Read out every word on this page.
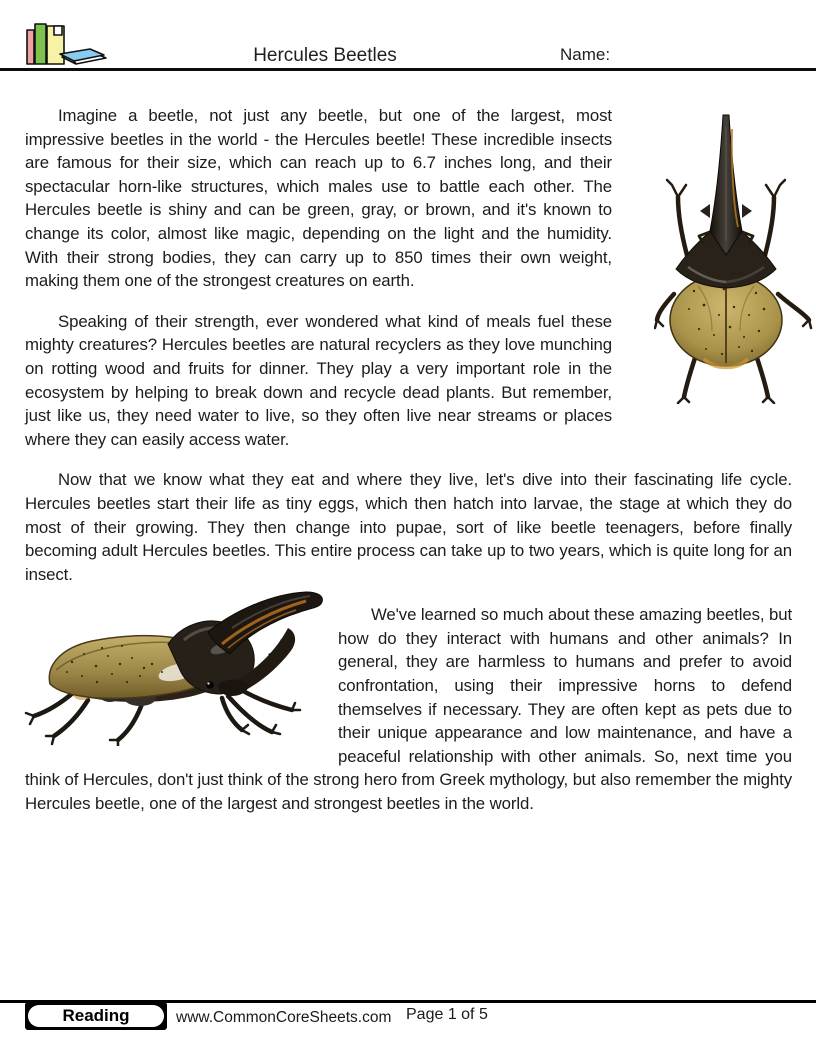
Hercules Beetles	Name:

Imagine a beetle, not just any beetle, but one of the largest, most impressive beetles in the world - the Hercules beetle! These incredible insects are famous for their size, which can reach up to 6.7 inches long, and their spectacular horn-like structures, which males use to battle each other. The Hercules beetle is shiny and can be green, gray, or brown, and it's known to change its color, almost like magic, depending on the light and the humidity. With their strong bodies, they can carry up to 850 times their own weight, making them one of the strongest creatures on earth.

Speaking of their strength, ever wondered what kind of meals fuel these mighty creatures? Hercules beetles are natural recyclers as they love munching on rotting wood and fruits for dinner. They play a very important role in the ecosystem by helping to break down and recycle dead plants. But remember, just like us, they need water to live, so they often live near streams or places where they can easily access water.

Now that we know what they eat and where they live, let's dive into their fascinating life cycle. Hercules beetles start their life as tiny eggs, which then hatch into larvae, the stage at which they do most of their growing. They then change into pupae, sort of like beetle teenagers, before finally becoming adult Hercules beetles. This entire process can take up to two years, which is quite long for an insect.

We've learned so much about these amazing beetles, but how do they interact with humans and other animals? In general, they are harmless to humans and prefer to avoid confrontation, using their impressive horns to defend themselves if necessary. They are often kept as pets due to their unique appearance and low maintenance, and have a peaceful relationship with other animals. So, next time you think of Hercules, don't just think of the strong hero from Greek mythology, but also remember the mighty Hercules beetle, one of the largest and strongest beetles in the world.

Reading	www.CommonCoreSheets.com Page 1 of 5
